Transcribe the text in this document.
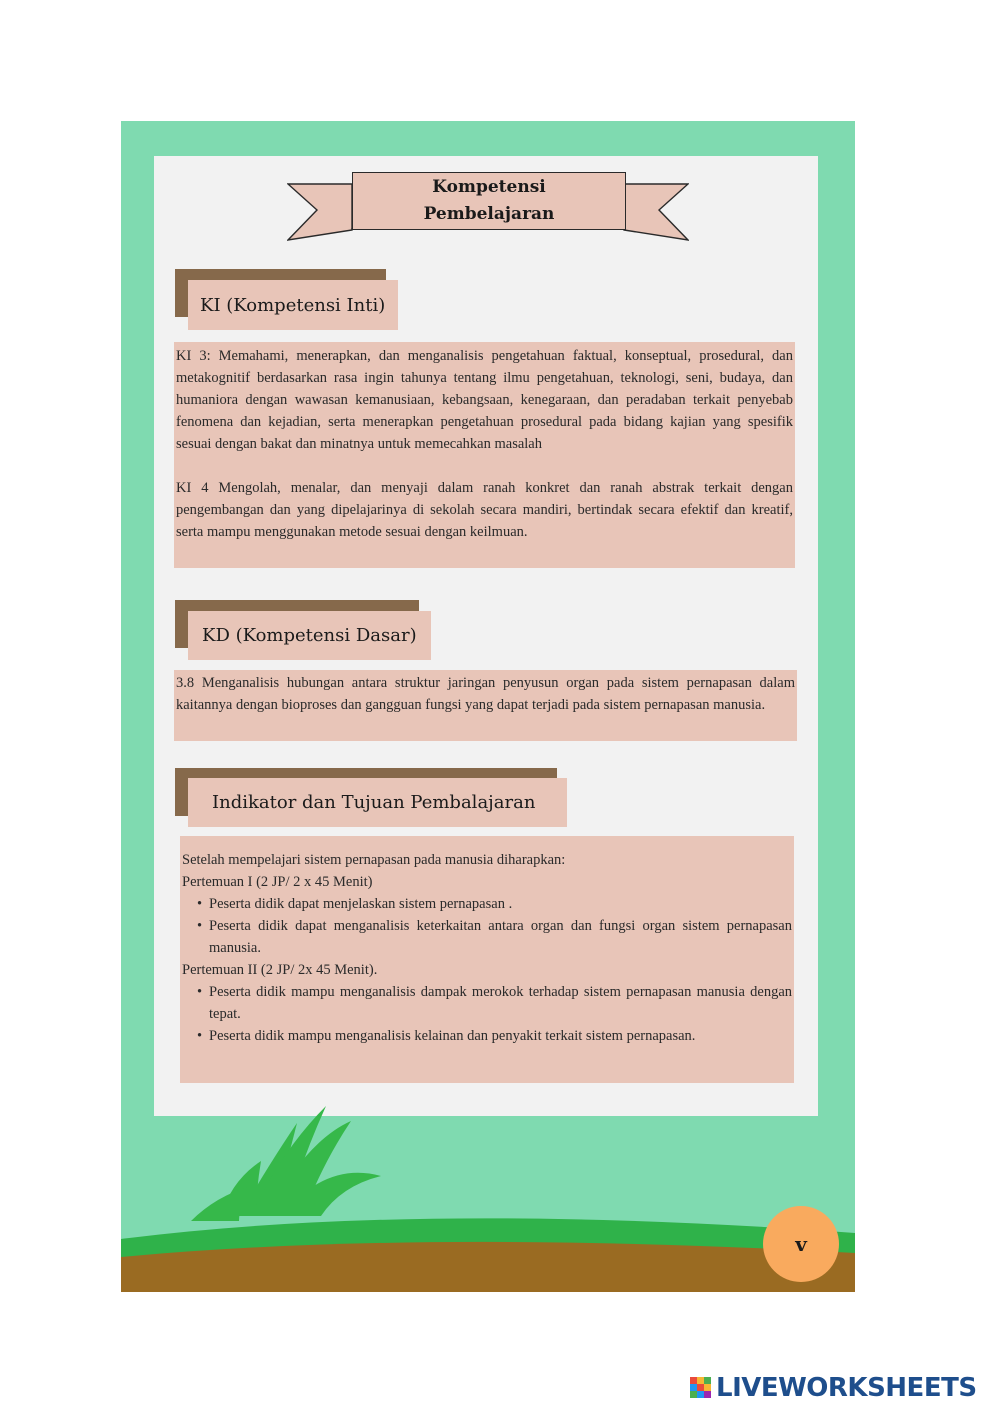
Kompetensi
Pembelajaran
KI (Kompetensi Inti)

KI 3: Memahami, menerapkan, dan menganalisis pengetahuan faktual, konseptual, prosedural, dan metakognitif berdasarkan rasa ingin tahunya tentang ilmu pengetahuan, teknologi, seni, budaya, dan humaniora dengan wawasan kemanusiaan, kebangsaan, kenegaraan, dan peradaban terkait penyebab fenomena dan kejadian, serta menerapkan pengetahuan prosedural pada bidang kajian yang spesifik sesuai dengan bakat dan minatnya untuk memecahkan masalah

KI 4 Mengolah, menalar, dan menyaji dalam ranah konkret dan ranah abstrak terkait dengan pengembangan dan yang dipelajarinya di sekolah secara mandiri, bertindak secara efektif dan kreatif, serta mampu menggunakan metode sesuai dengan keilmuan.

KD (Kompetensi Dasar)

3.8 Menganalisis hubungan antara struktur jaringan penyusun organ pada sistem pernapasan dalam kaitannya dengan bioproses dan gangguan fungsi yang dapat terjadi pada sistem pernapasan manusia.

Indikator dan Tujuan Pembalajaran

Setelah mempelajari sistem pernapasan pada manusia diharapkan:

Pertemuan I (2 JP/ 2 x 45 Menit)

• Peserta didik dapat menjelaskan sistem pernapasan .
• Peserta didik dapat menganalisis keterkaitan antara organ dan fungsi organ sistem pernapasan manusia.

Pertemuan II (2 JP/ 2x 45 Menit).

• Peserta didik mampu menganalisis dampak merokok terhadap sistem pernapasan manusia dengan tepat.
• Peserta didik mampu menganalisis kelainan dan penyakit terkait sistem pernapasan.
v
LIVEWORKSHEETS
